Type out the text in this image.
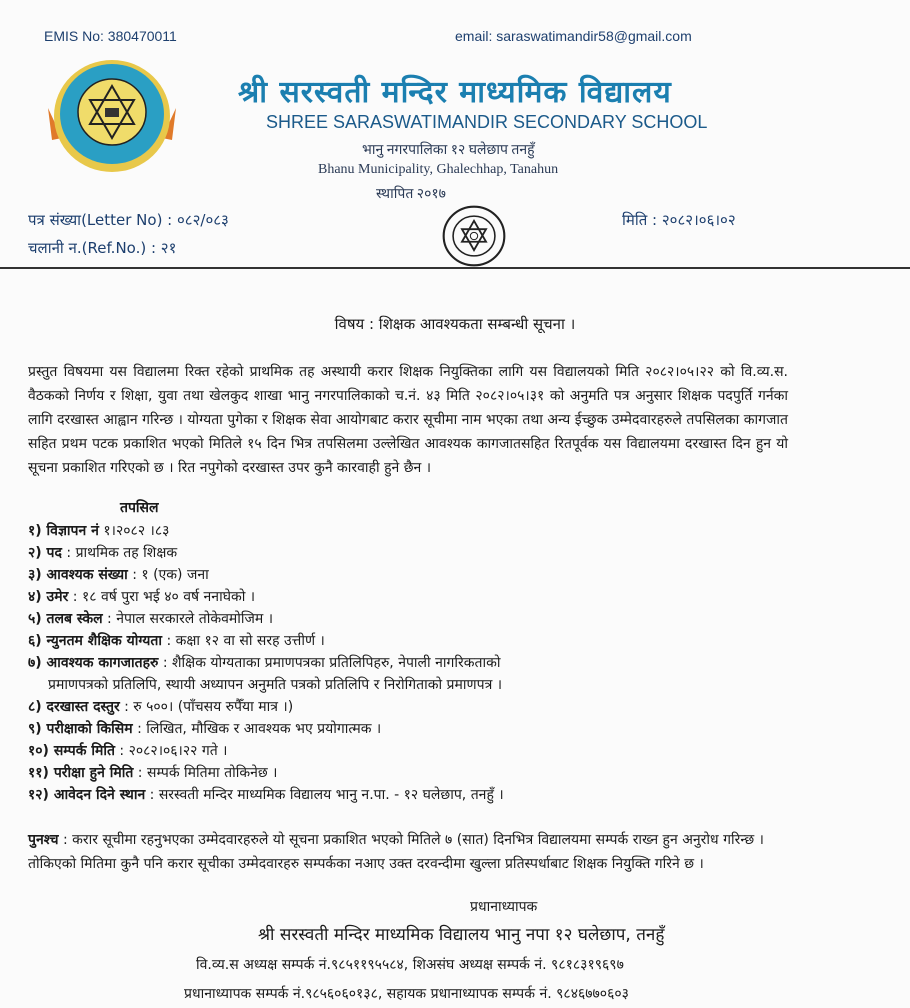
EMIS No: 380470011	email: saraswatimandir58@gmail.com
श्री सरस्वती मन्दिर माध्यमिक विद्यालय
SHREE SARASWATIMANDIR SECONDARY SCHOOL
भानु नगरपालिका १२ घलेछाप तनहुँ
Bhanu Municipality, Ghalechhap, Tanahun
स्थापित २०१७
पत्र संख्या(Letter No) : ०८२/०८३
चलानी न.(Ref.No.) : २१
मिति : २०८२।०६।०२
विषय : शिक्षक आवश्यकता सम्बन्धी सूचना ।
प्रस्तुत विषयमा यस विद्यालमा रिक्त रहेको प्राथमिक तह अस्थायी करार शिक्षक नियुक्तिका लागि यस विद्यालयको मिति २०८२।०५।२२ को वि.व्य.स. वैठकको निर्णय र शिक्षा, युवा तथा खेलकुद शाखा भानु नगरपालिकाको च.नं. ४३ मिति २०८२।०५।३१ को अनुमति पत्र अनुसार शिक्षक पदपुर्ति गर्नका लागि दरखास्त आह्वान गरिन्छ । योग्यता पुगेका र शिक्षक सेवा आयोगबाट करार सूचीमा नाम भएका तथा अन्य ईच्छुक उम्मेदवारहरुले तपसिलका कागजात सहित प्रथम पटक प्रकाशित भएको मितिले १५ दिन भित्र तपसिलमा उल्लेखित आवश्यक कागजातसहित रितपूर्वक यस विद्यालयमा दरखास्त दिन हुन यो सूचना प्रकाशित गरिएको छ । रित नपुगेको दरखास्त उपर कुनै कारवाही हुने छैन ।
तपसिल
१) विज्ञापन नं १।२०८२ ।८३
२) पद : प्राथमिक तह शिक्षक
३) आवश्यक संख्या : १ (एक) जना
४) उमेर : १८ वर्ष पुरा भई ४० वर्ष ननाघेको ।
५) तलब स्केल : नेपाल सरकारले तोकेवमोजिम ।
६) न्युनतम शैक्षिक योग्यता : कक्षा १२ वा सो सरह उत्तीर्ण ।
७) आवश्यक कागजातहरु : शैक्षिक योग्यताका प्रमाणपत्रका प्रतिलिपिहरु, नेपाली नागरिकताको
प्रमाणपत्रको प्रतिलिपि, स्थायी अध्यापन अनुमति पत्रको प्रतिलिपि र निरोगिताको प्रमाणपत्र ।
८) दरखास्त दस्तुर : रु ५००। (पाँचसय रुपैँया मात्र ।)
९) परीक्षाको किसिम : लिखित, मौखिक र आवश्यक भए प्रयोगात्मक ।
१०) सम्पर्क मिति : २०८२।०६।२२ गते ।
११) परीक्षा हुने मिति : सम्पर्क मितिमा तोकिनेछ ।
१२) आवेदन दिने स्थान : सरस्वती मन्दिर माध्यमिक विद्यालय भानु न.पा. - १२ घलेछाप, तनहुँ ।
पुनश्च : करार सूचीमा रहनुभएका उम्मेदवारहरुले यो सूचना प्रकाशित भएको मितिले ७ (सात) दिनभित्र विद्यालयमा सम्पर्क राख्न हुन अनुरोध गरिन्छ । तोकिएको मितिमा कुनै पनि करार सूचीका उम्मेदवारहरु सम्पर्कका नआए उक्त दरवन्दीमा खुल्ला प्रतिस्पर्धाबाट शिक्षक नियुक्ति गरिने छ ।
प्रधानाध्यापक
श्री सरस्वती मन्दिर माध्यमिक विद्यालय भानु नपा १२ घलेछाप, तनहुँ
वि.व्य.स अध्यक्ष सम्पर्क नं.९८५११९५५८४, शिअसंघ अध्यक्ष सम्पर्क नं. ९८१८३१९६९७
प्रधानाध्यापक सम्पर्क नं.९८५६०६०१३८, सहायक प्रधानाध्यापक सम्पर्क नं. ९८४६७७०६०३
